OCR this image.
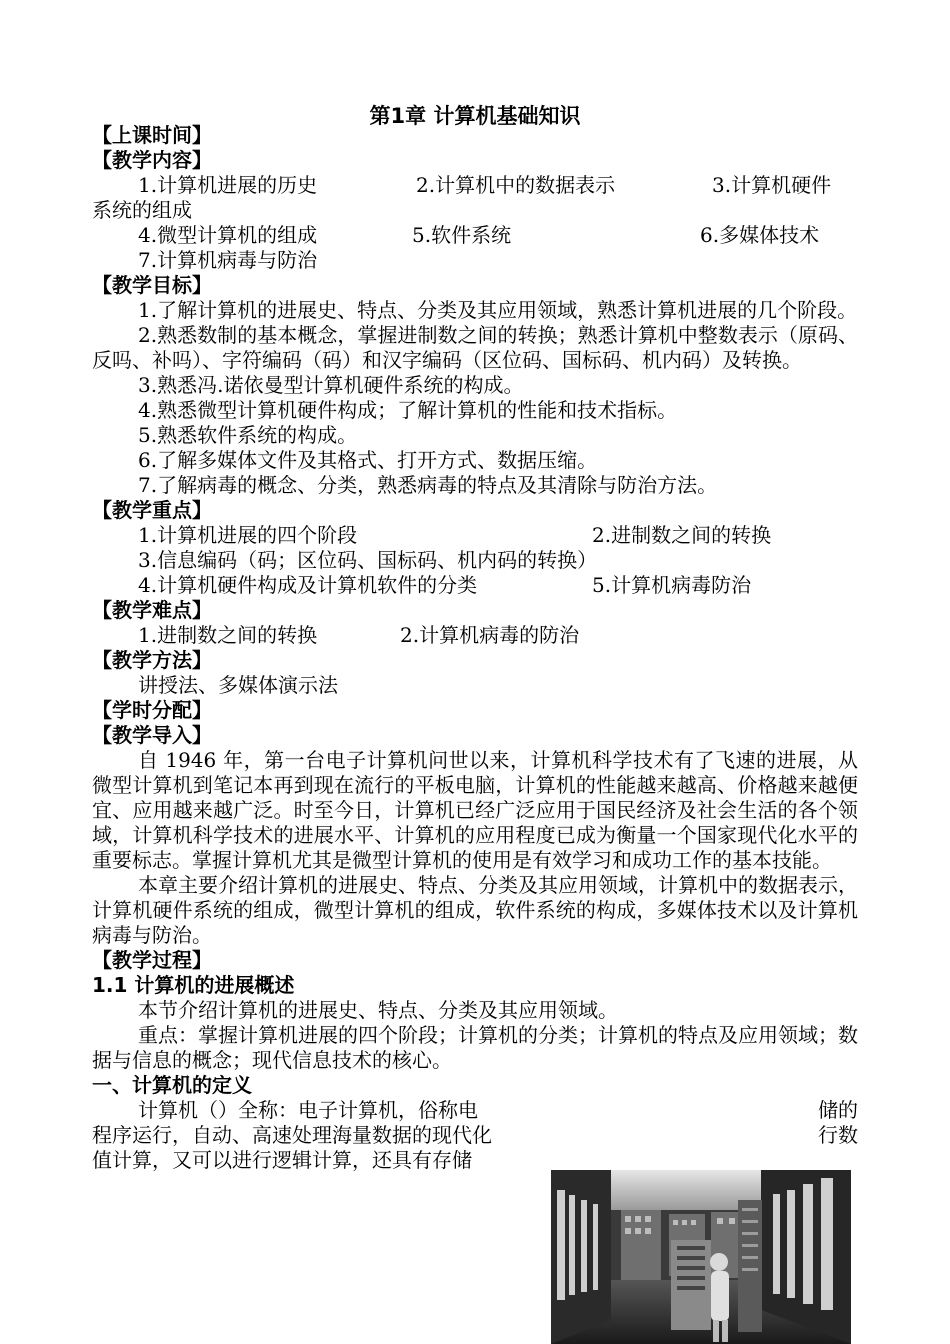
第1章 计算机基础知识
【上课时间】
【教学内容】
1.计算机进展的历史	2.计算机中的数据表示	3.计算机硬件
系统的组成
4.微型计算机的组成	5.软件系统	6.多媒体技术
7.计算机病毒与防治
【教学目标】
1.了解计算机的进展史、特点、分类及其应用领域，熟悉计算机进展的几个阶段。
2.熟悉数制的基本概念，掌握进制数之间的转换；熟悉计算机中整数表示（原码、反吗、补吗）、字符编码（码）和汉字编码（区位码、国标码、机内码）及转换。
3.熟悉冯.诺依曼型计算机硬件系统的构成。
4.熟悉微型计算机硬件构成；了解计算机的性能和技术指标。
5.熟悉软件系统的构成。
6.了解多媒体文件及其格式、打开方式、数据压缩。
7.了解病毒的概念、分类，熟悉病毒的特点及其清除与防治方法。
【教学重点】
1.计算机进展的四个阶段	2.进制数之间的转换
3.信息编码（码；区位码、国标码、机内码的转换）
4.计算机硬件构成及计算机软件的分类	5.计算机病毒防治
【教学难点】
1.进制数之间的转换	2.计算机病毒的防治
【教学方法】
讲授法、多媒体演示法
【学时分配】
【教学导入】
自 1946 年，第一台电子计算机问世以来，计算机科学技术有了飞速的进展，从微型计算机到笔记本再到现在流行的平板电脑，计算机的性能越来越高、价格越来越便宜、应用越来越广泛。时至今日，计算机已经广泛应用于国民经济及社会生活的各个领域，计算机科学技术的进展水平、计算机的应用程度已成为衡量一个国家现代化水平的重要标志。掌握计算机尤其是微型计算机的使用是有效学习和成功工作的基本技能。
本章主要介绍计算机的进展史、特点、分类及其应用领域，计算机中的数据表示，计算机硬件系统的组成，微型计算机的组成，软件系统的构成，多媒体技术以及计算机病毒与防治。
【教学过程】
1.1 计算机的进展概述
本节介绍计算机的进展史、特点、分类及其应用领域。
重点：掌握计算机进展的四个阶段；计算机的分类；计算机的特点及应用领域；数据与信息的概念；现代信息技术的核心。
一、计算机的定义
计算机（）全称：电子计算机，俗称电	储的
程序运行，自动、高速处理海量数据的现代化	行数
值计算，又可以进行逻辑计算，还具有存储
